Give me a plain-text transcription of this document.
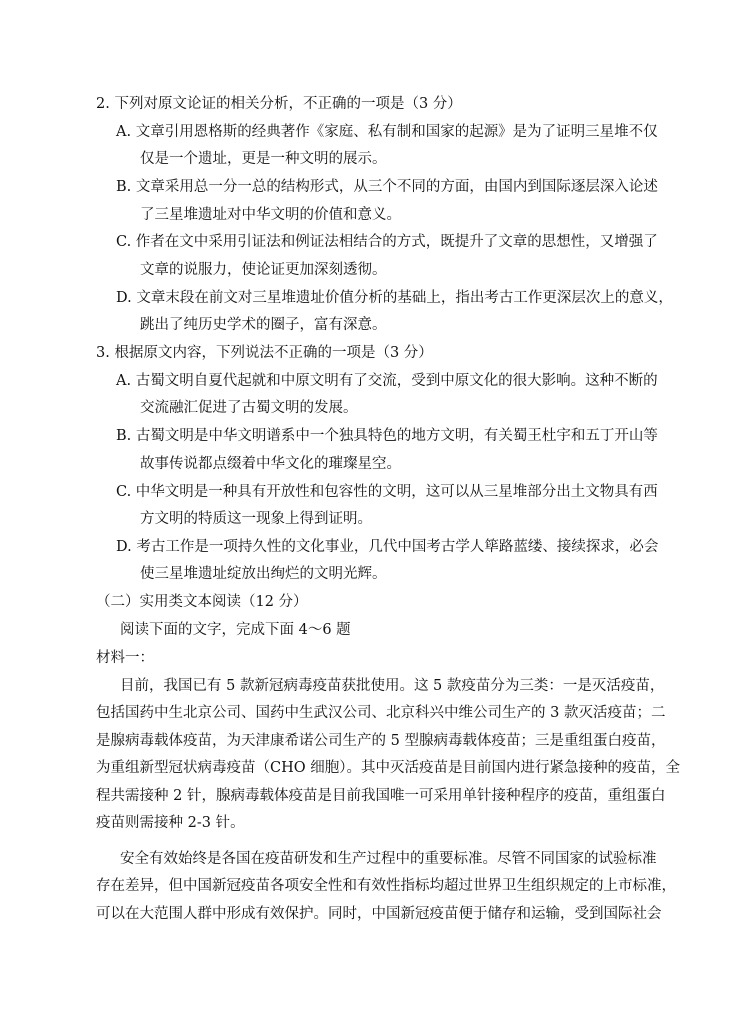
2. 下列对原文论证的相关分析，不正确的一项是（3 分）
A. 文章引用恩格斯的经典著作《家庭、私有制和国家的起源》是为了证明三星堆不仅
仅是一个遗址，更是一种文明的展示。
B. 文章采用总一分一总的结构形式，从三个不同的方面，由国内到国际逐层深入论述
了三星堆遗址对中华文明的价值和意义。
C. 作者在文中采用引证法和例证法相结合的方式，既提升了文章的思想性，又增强了
文章的说服力，使论证更加深刻透彻。
D. 文章末段在前文对三星堆遗址价值分析的基础上，指出考古工作更深层次上的意义，
跳出了纯历史学术的圈子，富有深意。
3. 根据原文内容，下列说法不正确的一项是（3 分）
A. 古蜀文明自夏代起就和中原文明有了交流，受到中原文化的很大影响。这种不断的
交流融汇促进了古蜀文明的发展。
B. 古蜀文明是中华文明谱系中一个独具特色的地方文明，有关蜀王杜宇和五丁开山等
故事传说都点缀着中华文化的璀璨星空。
C. 中华文明是一种具有开放性和包容性的文明，这可以从三星堆部分出土文物具有西
方文明的特质这一现象上得到证明。
D. 考古工作是一项持久性的文化事业，几代中国考古学人筚路蓝缕、接续探求，必会
使三星堆遗址绽放出绚烂的文明光辉。
（二）实用类文本阅读（12 分）
阅读下面的文字，完成下面 4～6 题
材料一：
目前，我国已有 5 款新冠病毒疫苗获批使用。这 5 款疫苗分为三类：一是灭活疫苗，
包括国药中生北京公司、国药中生武汉公司、北京科兴中维公司生产的 3 款灭活疫苗；二
是腺病毒载体疫苗，为天津康希诺公司生产的 5 型腺病毒载体疫苗；三是重组蛋白疫苗，
为重组新型冠状病毒疫苗（CHO 细胞）。其中灭活疫苗是目前国内进行紧急接种的疫苗，全
程共需接种 2 针，腺病毒载体疫苗是目前我国唯一可采用单针接种程序的疫苗，重组蛋白
疫苗则需接种 2-3 针。
安全有效始终是各国在疫苗研发和生产过程中的重要标准。尽管不同国家的试验标准
存在差异，但中国新冠疫苗各项安全性和有效性指标均超过世界卫生组织规定的上市标准，
可以在大范围人群中形成有效保护。同时，中国新冠疫苗便于储存和运输，受到国际社会
